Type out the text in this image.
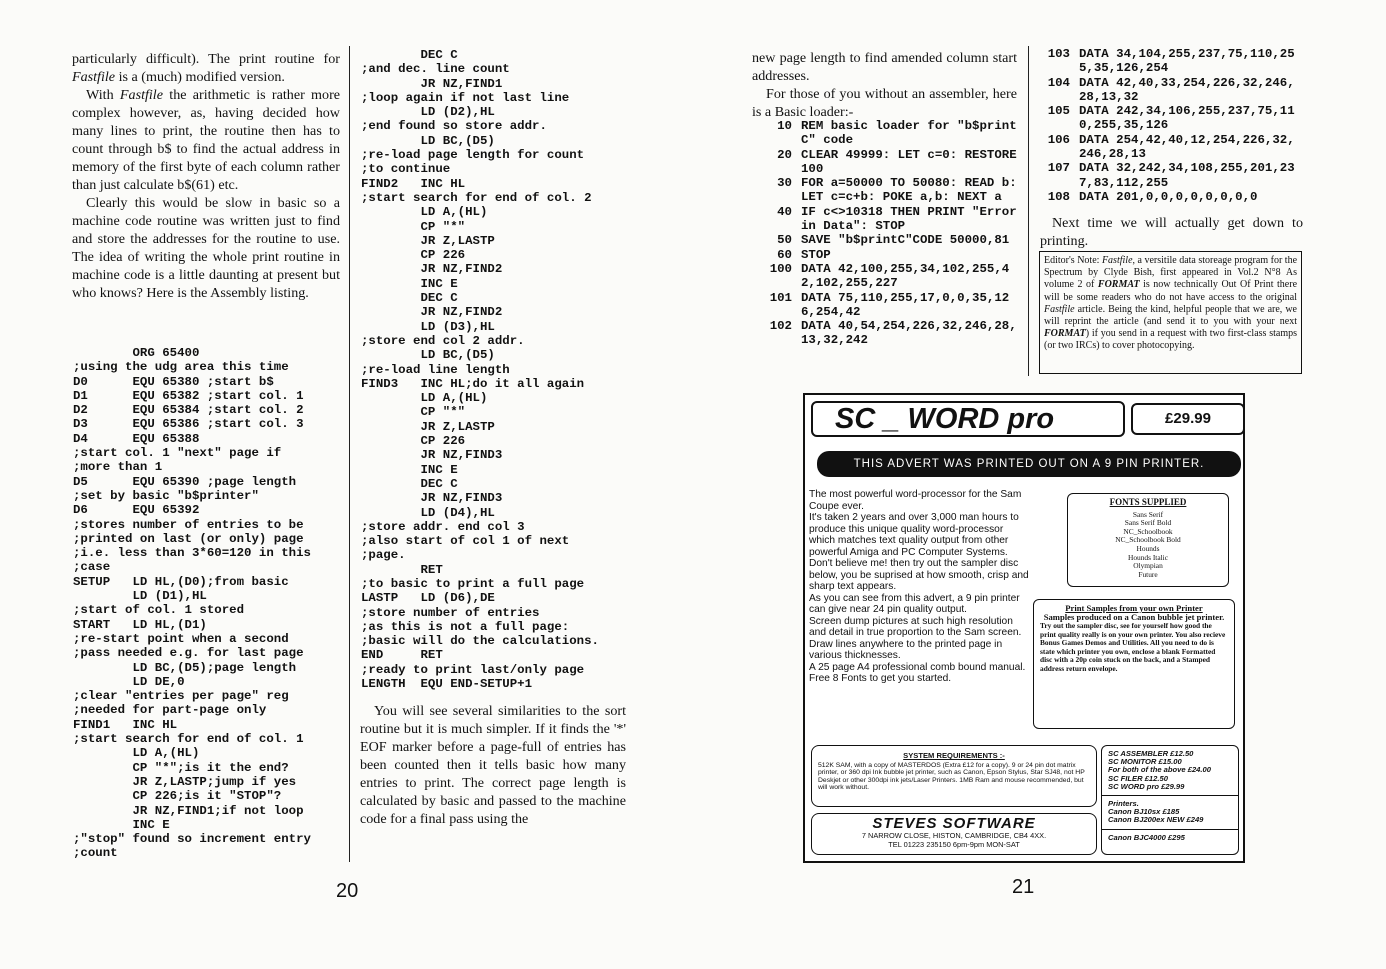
particularly difficult). The print routine for Fastfile is a (much) modified version.

With Fastfile the arithmetic is rather more complex however, as, having decided how many lines to print, the routine then has to count through b$ to find the actual address in memory of the first byte of each column rather than just calculate b$(61) etc.

Clearly this would be slow in basic so a machine code routine was written just to find and store the addresses for the routine to use. The idea of writing the whole print routine in machine code is a little daunting at present but who knows? Here is the Assembly listing.

ORG 65400
;using the udg area this time
D0      EQU 65380 ;start b$
D1      EQU 65382 ;start col. 1
D2      EQU 65384 ;start col. 2
D3      EQU 65386 ;start col. 3
D4      EQU 65388
;start col. 1 "next" page if
;more than 1
D5      EQU 65390 ;page length
;set by basic "b$printer"
D6      EQU 65392
;stores number of entries to be
;printed on last (or only) page
;i.e. less than 3*60=120 in this
;case
SETUP   LD HL,(D0);from basic
LD (D1),HL
;start of col. 1 stored
START   LD HL,(D1)
;re-start point when a second
;pass needed e.g. for last page
LD BC,(D5);page length
LD DE,0
;clear "entries per page" reg
;needed for part-page only
FIND1   INC HL
;start search for end of col. 1
LD A,(HL)
CP "*";is it the end?
JR Z,LASTP;jump if yes
CP 226;is it "STOP"?
JR NZ,FIND1;if not loop
INC E
;"stop" found so increment entry
;count
DEC C
;and dec. line count
JR NZ,FIND1
;loop again if not last line
LD (D2),HL
;end found so store addr.
LD BC,(D5)
;re-load page length for count
;to continue
FIND2   INC HL
;start search for end of col. 2
LD A,(HL)
CP "*"
JR Z,LASTP
CP 226
JR NZ,FIND2
INC E
DEC C
JR NZ,FIND2
LD (D3),HL
;store end col 2 addr.
LD BC,(D5)
;re-load line length
FIND3   INC HL;do it all again
LD A,(HL)
CP "*"
JR Z,LASTP
CP 226
JR NZ,FIND3
INC E
DEC C
JR NZ,FIND3
LD (D4),HL
;store addr. end col 3
;also start of col 1 of next
;page.
RET
;to basic to print a full page
LASTP   LD (D6),DE
;store number of entries
;as this is not a full page:
;basic will do the calculations.
END     RET
;ready to print last/only page
LENGTH  EQU END-SETUP+1

You will see several similarities to the sort routine but it is much simpler. If it finds the '*' EOF marker before a page-full of entries has been counted then it tells basic how many entries to print. The correct page length is calculated by basic and passed to the machine code for a final pass using the

20

new page length to find amended column start addresses.

For those of you without an assembler, here is a Basic loader:-

10 REM basic loader for "b$printC" code
20 CLEAR 49999: LET c=0: RESTORE 100
30 FOR a=50000 TO 50080: READ b: LET c=c+b: POKE a,b: NEXT a
40 IF c<>10318 THEN PRINT "Error in Data": STOP
50 SAVE "b$printC"CODE 50000,81
60 STOP
100 DATA 42,100,255,34,102,255,42,102,255,227
101 DATA 75,110,255,17,0,0,35,126,254,42
102 DATA 40,54,254,226,32,246,28,13,32,242
103 DATA 34,104,255,237,75,110,255,35,126,254
104 DATA 42,40,33,254,226,32,246,28,13,32
105 DATA 242,34,106,255,237,75,110,255,35,126
106 DATA 254,42,40,12,254,226,32,246,28,13
107 DATA 32,242,34,108,255,201,237,83,112,255
108 DATA 201,0,0,0,0,0,0,0,0
Next time we will actually get down to printing.
Editor's Note: Fastfile, a versitile data storeage program for the Spectrum by Clyde Bish, first appeared in Vol.2 N°8 As volume 2 of FORMAT is now technically Out Of Print there will be some readers who do not have access to the original Fastfile article. Being the kind, helpful people that we are, we will reprint the article (and send it to you with your next FORMAT) if you send in a request with two first-class stamps (or two IRCs) to cover photocopying.
SC _ WORD pro	£29.99
THIS ADVERT WAS PRINTED OUT ON A 9 PIN PRINTER.
The most powerful word-processor for the Sam Coupe ever.
It's taken 2 years and over 3,000 man hours to produce this unique quality word-processor which matches text quality output from other powerful Amiga and PC Computer Systems.
Don't believe me! then try out the sampler disc below, you be suprised at how smooth, crisp and sharp text appears.
As you can see from this advert, a 9 pin printer can give near 24 pin quality output.
Screen dump pictures at such high resolution and detail in true proportion to the Sam screen.
Draw lines anywhere to the printed page in various thicknesses.
A 25 page A4 professional comb bound manual.
Free 8 Fonts to get you started.
FONTS SUPPLIED
Sans Serif
Sans Serif Bold
NC_Schoolbook
NC_Schoolbook Bold
Hounds
Hounds Italic
Olympian
Future
Print Samples from your own Printer
Samples produced on a Canon bubble jet printer.
Try out the sampler disc, see for yourself how good the print quality really is on your own printer. You also recieve Bonus Games Demos and Utilities. All you need to do is state which printer you own, enclose a blank Formatted disc with a 20p coin stuck on the back, and a Stamped address return envelope.
SYSTEM REQUIREMENTS :-
512K SAM, with a copy of MASTERDOS (Extra £12 for a copy). 9 or 24 pin dot matrix printer, or 360 dpi Ink bubble jet printer, such as Canon, Epson Stylus, Star SJ48, not HP Deskjet or other 300dpi ink jets/Laser Printers. 1MB Ram and mouse recommended, but will work without.
STEVES SOFTWARE
7 NARROW CLOSE, HISTON, CAMBRIDGE, CB4 4XX.
TEL 01223 235150 6pm-9pm MON-SAT
SC ASSEMBLER £12.50
SC MONITOR £15.00
For both of the above £24.00
SC FILER £12.50
SC WORD pro £29.99
Printers.
Canon BJ10sx £185
Canon BJ200ex NEW £249
Canon BJC4000 £295
21
